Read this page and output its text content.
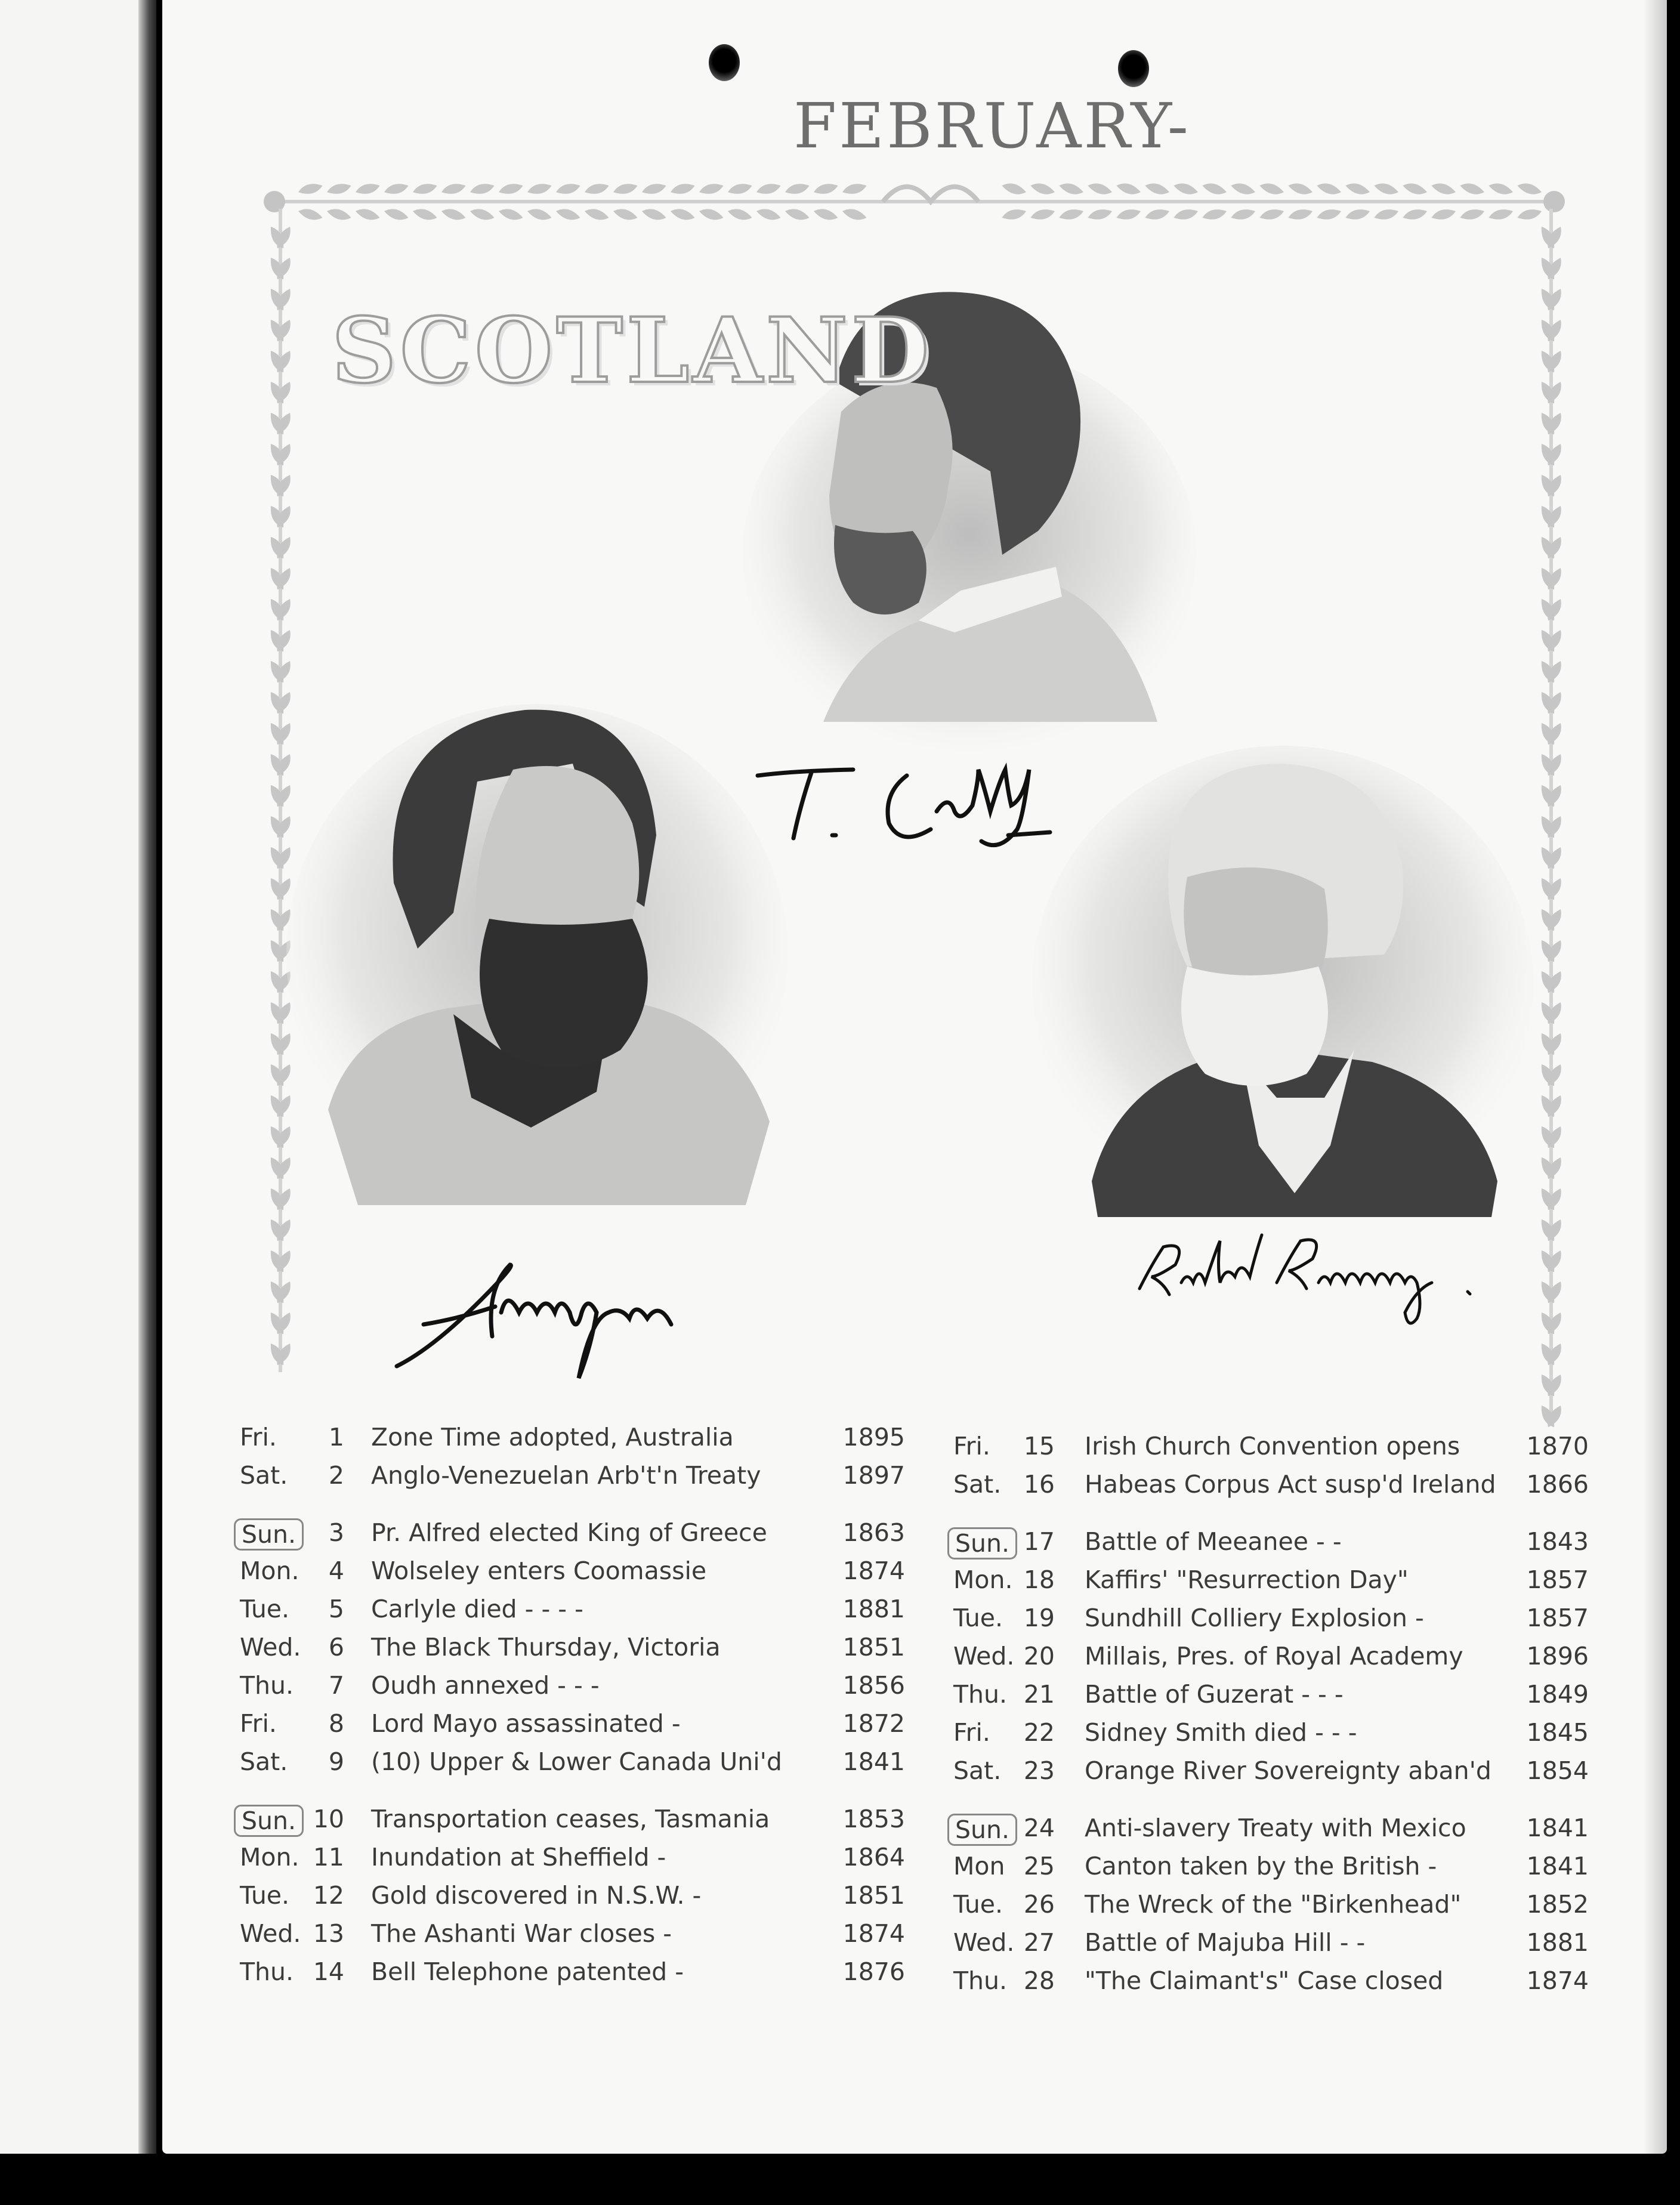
FEBRUARY-
SCOTLAND
Fri.	1 Zone Time adopted, Australia	1895
Sat.	2 Anglo-Venezuelan Arb't'n Treaty	1897
Sun.	3 Pr. Alfred elected King of Greece	1863
Mon.	4 Wolseley enters Coomassie	1874
Tue.	5 Carlyle died - - - -	1881
Wed.	6 The Black Thursday, Victoria	1851
Thu.	7 Oudh annexed - - -	1856
Fri.	8 Lord Mayo assassinated -	1872
Sat.	9 (10) Upper & Lower Canada Uni'd 1841
Sun. 10 Transportation ceases, Tasmania	1853
Mon. 11 Inundation at Sheffield -	1864
Tue. 12 Gold discovered in N.S.W. -	1851
Wed. 13 The Ashanti War closes -	1874
Thu. 14 Bell Telephone patented -	1876
Fri.	15 Irish Church Convention opens	1870
Sat. 16 Habeas Corpus Act susp'd Ireland 1866
Sun. 17 Battle of Meeanee - -	1843
Mon. 18 Kaffirs' "Resurrection Day"	1857
Tue. 19 Sundhill Colliery Explosion -	1857
Wed. 20 Millais, Pres. of Royal Academy	1896
Thu. 21 Battle of Guzerat - - -	1849
Fri.	22 Sidney Smith died - - -	1845
Sat. 23 Orange River Sovereignty aban'd 1854
Sun. 24 Anti-slavery Treaty with Mexico 1841
Mon 25 Canton taken by the British -	1841
Tue. 26 The Wreck of the "Birkenhead"	1852
Wed. 27 Battle of Majuba Hill - -	1881
Thu. 28 "The Claimant's" Case closed	1874
